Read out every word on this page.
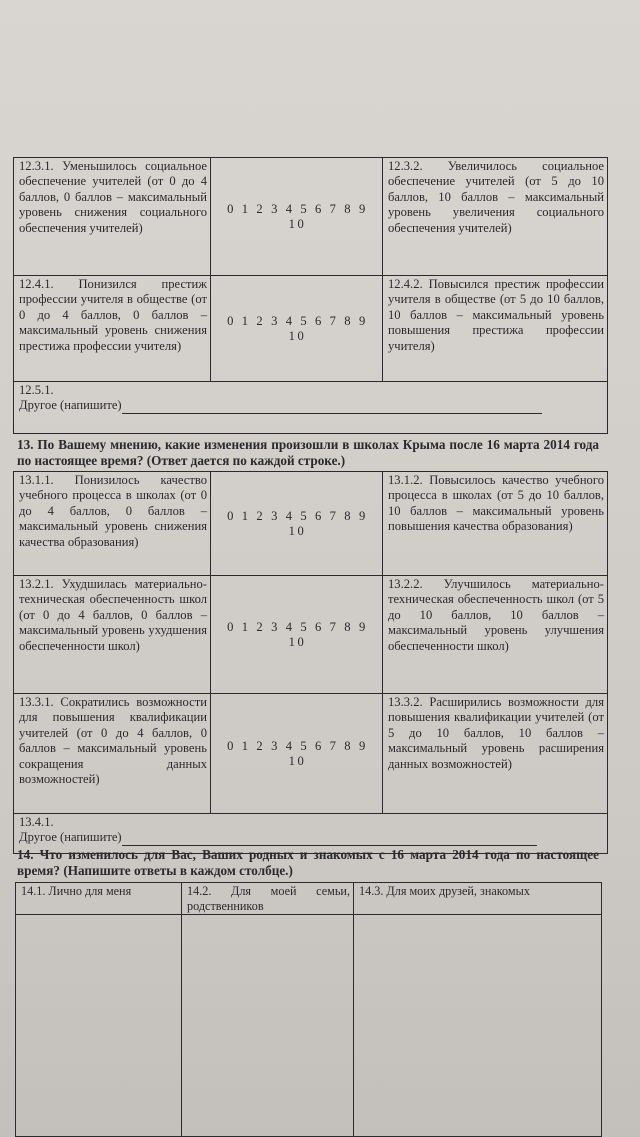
12.3.1. Уменьшилось социальное обеспечение учителей (от 0 до 4 баллов, 0 баллов – максимальный уровень снижения социального обеспечения учителей)	0 1 2 3 4 5 6 7 8 9 10	12.3.2. Увеличилось социальное обеспечение учителей (от 5 до 10 баллов, 10 баллов – максимальный уровень увеличения социального обеспечения учителей)
12.4.1. Понизился престиж профессии учителя в обществе (от 0 до 4 баллов, 0 баллов – максимальный уровень снижения престижа профессии учителя)	0 1 2 3 4 5 6 7 8 9 10	12.4.2. Повысился престиж профессии учителя в обществе (от 5 до 10 баллов, 10 баллов – максимальный уровень повышения престижа профессии учителя)

12.5.1.
Другое (напишите)		
13. По Вашему мнению, какие изменения произошли в школах Крыма после 16 марта 2014 года по настоящее время? (Ответ дается по каждой строке.)
13.1.1. Понизилось качество учебного процесса в школах (от 0 до 4 баллов, 0 баллов – максимальный уровень снижения качества образования)	0 1 2 3 4 5 6 7 8 9 10	13.1.2. Повысилось качество учебного процесса в школах (от 5 до 10 баллов, 10 баллов – максимальный уровень повышения качества образования)
13.2.1. Ухудшилась материально-техническая обеспеченность школ (от 0 до 4 баллов, 0 баллов – максимальный уровень ухудшения обеспеченности школ)	0 1 2 3 4 5 6 7 8 9 10	13.2.2. Улучшилось материально-техническая обеспеченность школ (от 5 до 10 баллов, 10 баллов – максимальный уровень улучшения обеспеченности школ)
13.3.1. Сократились возможности для повышения квалификации учителей (от 0 до 4 баллов, 0 баллов – максимальный уровень сокращения данных возможностей)	0 1 2 3 4 5 6 7 8 9 10	13.3.2. Расширились возможности для повышения квалификации учителей (от 5 до 10 баллов, 10 баллов – максимальный уровень расширения данных возможностей)

13.4.1.
Другое (напишите)		
14. Что изменилось для Вас, Ваших родных и знакомых с 16 марта 2014 года по настоящее время? (Напишите ответы в каждом столбце.)
14.1. Лично для меня	14.2. Для моей семьи, родственников	14.3. Для моих друзей, знакомых
